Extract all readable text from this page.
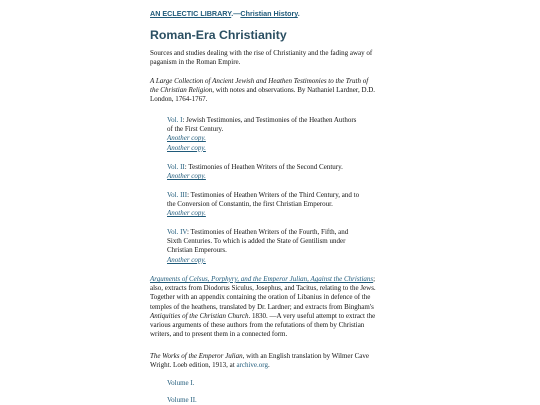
AN ECLECTIC LIBRARY.—Christian History.
Roman-Era Christianity
Sources and studies dealing with the rise of Christianity and the fading away of
paganism in the Roman Empire.
A Large Collection of Ancient Jewish and Heathen Testimonies to the Truth of
the Christian Religion, with notes and observations. By Nathaniel Lardner, D.D.
London, 1764-1767.
Vol. I: Jewish Testimonies, and Testimonies of the Heathen Authors
of the First Century.
Another copy.
Another copy.
Vol. II: Testimonies of Heathen Writers of the Second Century.
Another copy.
Vol. III: Testimonies of Heathen Writers of the Third Century, and to
the Conversion of Constantin, the first Christian Emperour.
Another copy.
Vol. IV: Testimonies of Heathen Writers of the Fourth, Fifth, and
Sixth Centuries. To which is added the State of Gentilism under
Christian Emperours.
Another copy.
Arguments of Celsus, Porphyry, and the Emperor Julian, Against the Christians;
also, extracts from Diodorus Siculus, Josephus, and Tacitus, relating to the Jews.
Together with an appendix containing the oration of Libanius in defence of the
temples of the heathens, translated by Dr. Lardner; and extracts from Bingham's
Antiquities of the Christian Church. 1830. —A very useful attempt to extract the
various arguments of these authors from the refutations of them by Christian
writers, and to present them in a connected form.
The Works of the Emperor Julian, with an English translation by Wilmer Cave
Wright. Loeb edition, 1913, at archive.org.
Volume I.
Volume II.
